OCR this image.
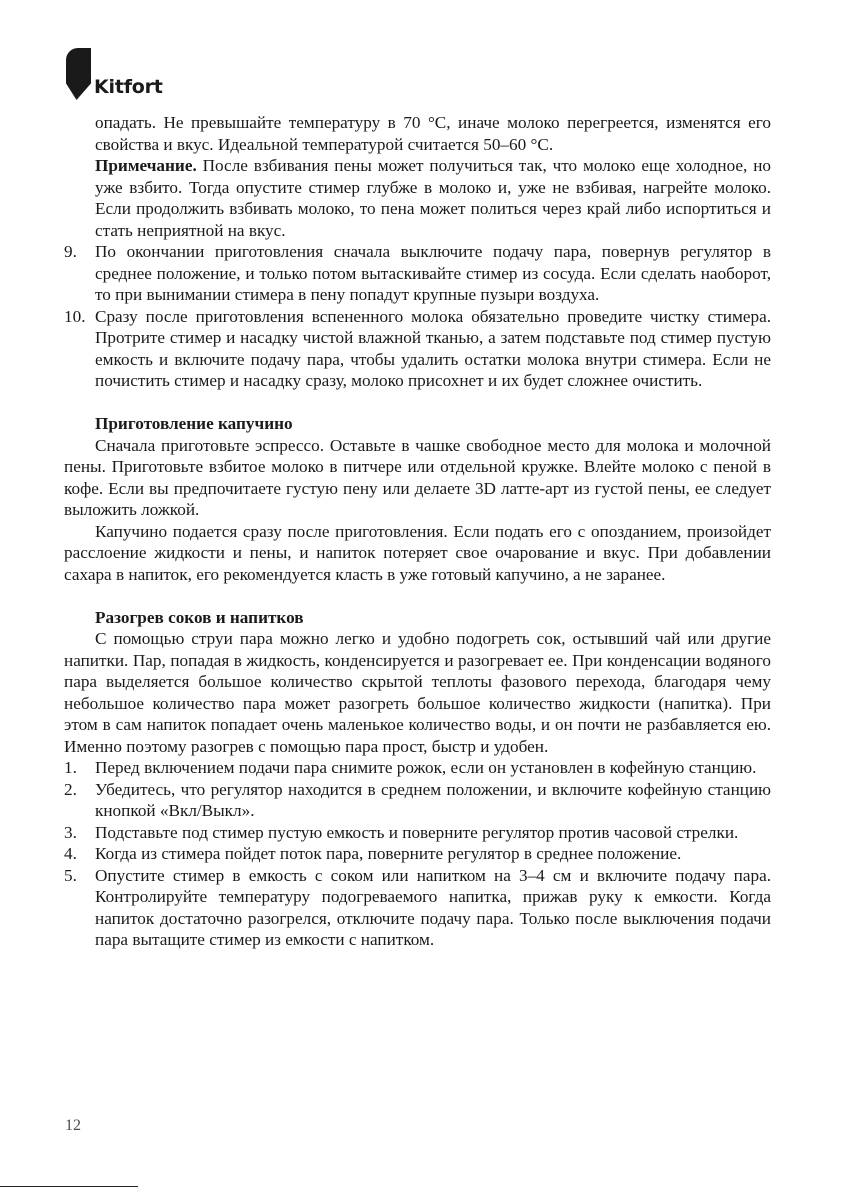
Kitfort

опадать. Не превышайте температуру в 70 °С, иначе молоко перегреется, изменятся его свойства и вкус. Идеальной температурой считается 50–60 °С.

Примечание. После взбивания пены может получиться так, что молоко еще холодное, но уже взбито. Тогда опустите стимер глубже в молоко и, уже не взбивая, нагрейте молоко. Если продолжить взбивать молоко, то пена может политься через край либо испортиться и стать неприятной на вкус.

9.	По окончании приготовления сначала выключите подачу пара, повернув регулятор в среднее положение, и только потом вытаскивайте стимер из сосуда. Если сделать наоборот, то при вынимании стимера в пену попадут крупные пузыри воздуха.
10. Сразу после приготовления вспененного молока обязательно проведите чистку стимера. Протрите стимер и насадку чистой влажной тканью, а затем подставьте под стимер пустую емкость и включите подачу пара, чтобы удалить остатки молока внутри стимера. Если не почистить стимер и насадку сразу, молоко присохнет и их будет сложнее очистить.

Приготовление капучино

Сначала приготовьте эспрессо. Оставьте в чашке свободное место для молока и молочной пены. Приготовьте взбитое молоко в питчере или отдельной кружке. Влейте молоко с пеной в кофе. Если вы предпочитаете густую пену или делаете 3D латте-арт из густой пены, ее следует выложить ложкой.

Капучино подается сразу после приготовления. Если подать его с опозданием, произойдет расслоение жидкости и пены, и напиток потеряет свое очарование и вкус. При добавлении сахара в напиток, его рекомендуется класть в уже готовый капучино, а не заранее.

Разогрев соков и напитков

С помощью струи пара можно легко и удобно подогреть сок, остывший чай или другие напитки. Пар, попадая в жидкость, конденсируется и разогревает ее. При конденсации водяного пара выделяется большое количество скрытой теплоты фазового перехода, благодаря чему небольшое количество пара может разогреть большое количество жидкости (напитка). При этом в сам напиток попадает очень маленькое количество воды, и он почти не разбавляется ею. Именно поэтому разогрев с помощью пара прост, быстр и удобен.

1.	Перед включением подачи пара снимите рожок, если он установлен в кофейную станцию.
2.	Убедитесь, что регулятор находится в среднем положении, и включите кофейную станцию кнопкой «Вкл/Выкл».
3.	Подставьте под стимер пустую емкость и поверните регулятор против часовой стрелки.
4.	Когда из стимера пойдет поток пара, поверните регулятор в среднее положение.
5.	Опустите стимер в емкость с соком или напитком на 3–4 см и включите подачу пара. Контролируйте температуру подогреваемого напитка, прижав руку к емкости. Когда напиток достаточно разогрелся, отключите подачу пара. Только после выключения подачи пара вытащите стимер из емкости с напитком.
12
